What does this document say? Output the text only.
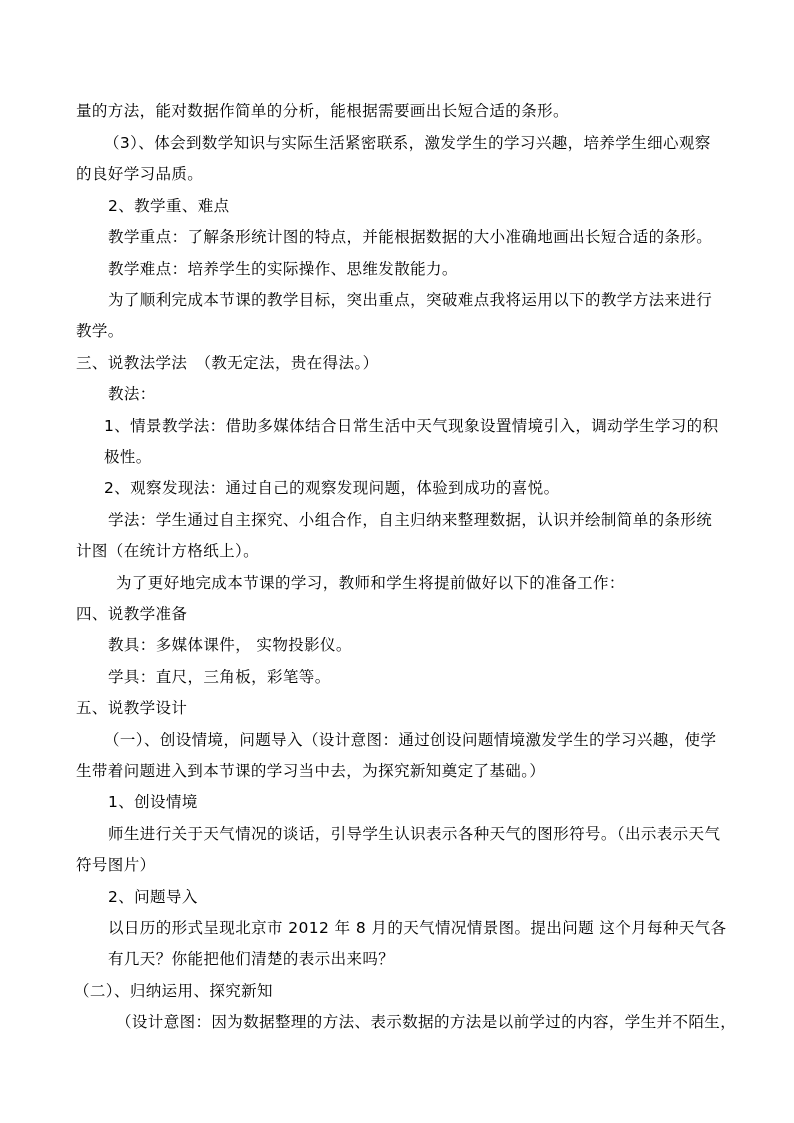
量的方法，能对数据作简单的分析，能根据需要画出长短合适的条形。
（3）、体会到数学知识与实际生活紧密联系，激发学生的学习兴趣，培养学生细心观察
的良好学习品质。
2、教学重、难点
教学重点：了解条形统计图的特点，并能根据数据的大小准确地画出长短合适的条形。
教学难点：培养学生的实际操作、思维发散能力。
为了顺利完成本节课的教学目标，突出重点，突破难点我将运用以下的教学方法来进行
教学。
三、说教法学法　（教无定法，贵在得法。）
教法：
1、情景教学法：借助多媒体结合日常生活中天气现象设置情境引入，调动学生学习的积
极性。
2、观察发现法：通过自己的观察发现问题，体验到成功的喜悦。
学法：学生通过自主探究、小组合作，自主归纳来整理数据，认识并绘制简单的条形统
计图（在统计方格纸上）。
为了更好地完成本节课的学习，教师和学生将提前做好以下的准备工作：
四、说教学准备
教具：多媒体课件， 实物投影仪。
学具：直尺，三角板，彩笔等。
五、说教学设计
（一）、创设情境，问题导入（设计意图：通过创设问题情境激发学生的学习兴趣，使学
生带着问题进入到本节课的学习当中去，为探究新知奠定了基础。）
1、创设情境
师生进行关于天气情况的谈话，引导学生认识表示各种天气的图形符号。（出示表示天气
符号图片）
2、问题导入
以日历的形式呈现北京市 2012 年 8 月的天气情况情景图。提出问题 这个月每种天气各
有几天？你能把他们清楚的表示出来吗？
（二）、归纳运用、探究新知
（设计意图：因为数据整理的方法、表示数据的方法是以前学过的内容，学生并不陌生，
